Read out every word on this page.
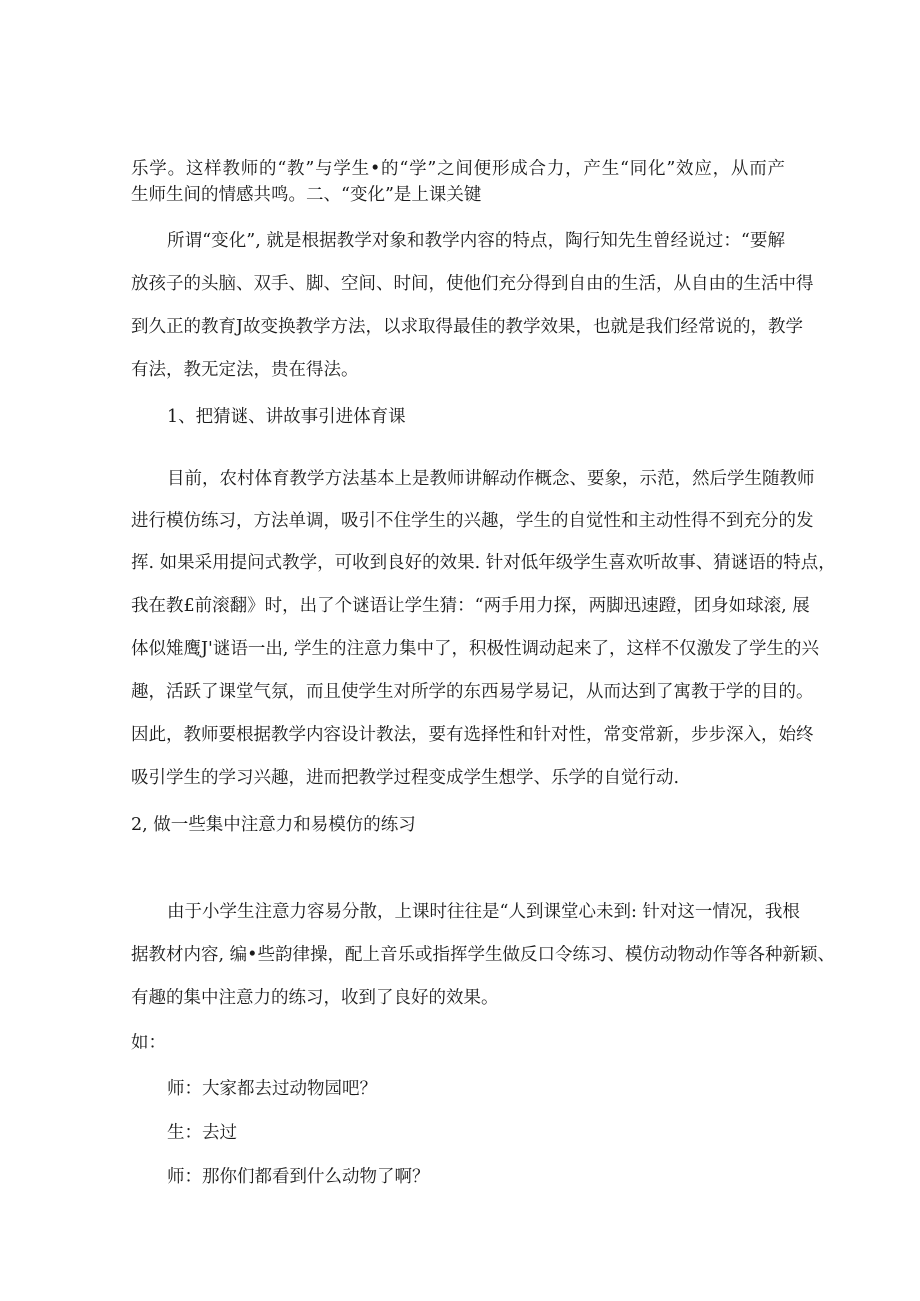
乐学。这样教师的“教”与学生•的“学”之间便形成合力，产生“同化”效应，从而产

生师生间的情感共鸣。二、“变化”是上课关键

所谓“变化”, 就是根据教学对象和教学内容的特点，陶行知先生曾经说过：“要解

放孩子的头脑、双手、脚、空间、时间，使他们充分得到自由的生活，从自由的生活中得

到久正的教育J故变换教学方法，以求取得最佳的教学效果，也就是我们经常说的，教学

有法，教无定法，贵在得法。

1、把猜谜、讲故事引进体育课

目前，农村体育教学方法基本上是教师讲解动作概念、要象，示范，然后学生随教师

进行模仿练习，方法单调，吸引不住学生的兴趣，学生的自觉性和主动性得不到充分的发

挥. 如果采用提问式教学，可收到良好的效果. 针对低年级学生喜欢听故事、猜谜语的特点，

我在教£前滚翻》时，出了个谜语让学生猜：“两手用力探，两脚迅速蹬，团身如球滚, 展

体似雉鹰J'谜语一出, 学生的注意力集中了，积极性调动起来了，这样不仅激发了学生的兴

趣，活跃了课堂气氛，而且使学生对所学的东西易学易记，从而达到了寓教于学的目的。

因此，教师要根据教学内容设计教法，要有选择性和针对性，常变常新，步步深入，始终

吸引学生的学习兴趣，进而把教学过程变成学生想学、乐学的自觉行动.

2, 做一些集中注意力和易模仿的练习

由于小学生注意力容易分散，上课时往往是“人到课堂心未到: 针对这一情况，我根

据教材内容, 编•些韵律操，配上音乐或指挥学生做反口令练习、模仿动物动作等各种新颖、

有趣的集中注意力的练习，收到了良好的效果。

如：

师：大家都去过动物园吧？

生：去过

师：那你们都看到什么动物了啊？
